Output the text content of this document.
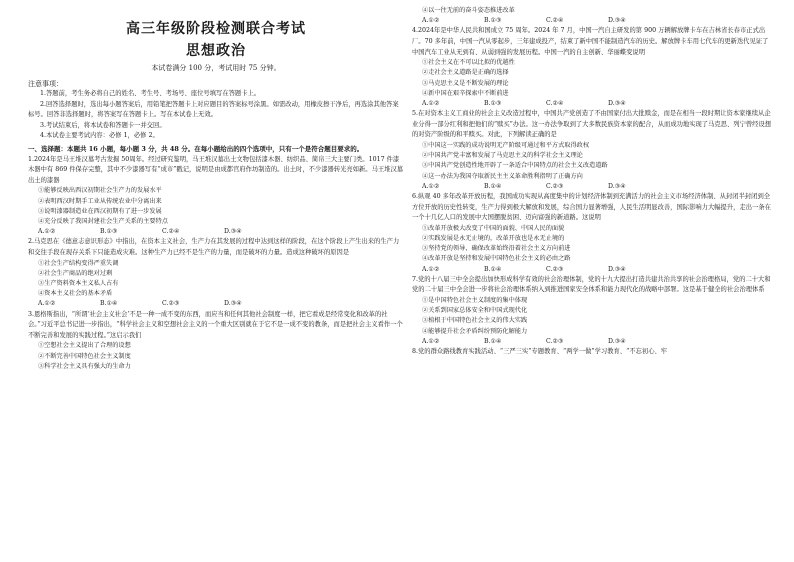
高三年级阶段检测联合考试

思想政治

本试卷满分 100 分，考试用时 75 分钟。

注意事项：

1.答题前，考生务必将自己的姓名、考生号、考场号、座位号填写在答题卡上。

2.回答选择题时，选出每小题答案后，用铅笔把答题卡上对应题目的答案标号涂黑。如需改动，用橡皮擦干净后，再选涂其他答案标号。回答非选择题时，将答案写在答题卡上。写在本试卷上无效。

3.考试结束后，将本试卷和答题卡一并交回。

4.本试卷主要考试内容：必修 1，必修 2。

一、选择题：本题共 16 小题，每小题 3 分，共 48 分。在每小题给出的四个选项中，只有一个是符合题目要求的。

1.2024年是马王堆汉墓考古发掘 50周年。经过研究鉴明，马王堆汉墓出土文物包括漆木器、纺织品、简帛三大主要门类。1017 件漆木器中有 869 件保存完整，其中不少漆器写有“成市”戳记，说明是由成都官府作坊制造的。出土时，不少漆器转光亮如新。马王堆汉墓出土的漆器

①能够反映出西汉初期社会生产力的发展水平

②表明西汉时期手工业从传统农业中分离出来

③说明漆器制造业在西汉初期有了进一步发展

④充分反映了我国封建社会生产关系的主要特点

A.①②	B.①③	C.②④	D.③④

2.马克思在《德意志意识形态》中指出，在资本主义社会，生产力在其发展的过程中达到这样的阶段，在这个阶段上产生出来的生产力和交往手段在现存关系下只能造成灾难。这种生产力已经不是生产的力量，而是破坏的力量。造成这种破坏的原因是

①社会生产结构变得严重失调

②社会生产商品的绝对过剩

③生产资料资本主义私人占有

④资本主义社会的基本矛盾

A.①②	B.①④	C.②③	D.③④

3.恩格斯指出，“所谓‘社会主义社会’不是一种一成不变的东西，而应当和任何其他社会制度一样，把它看成是经常变化和改革的社会。”习近平总书记进一步指出，“科学社会主义和空想社会主义的一个重大区别就在于它不是一成不变的教条，而是把社会主义看作一个不断完善和发展的实践过程。”这启示我们

①空想社会主义提出了合理的设想

②不断完善中国特色社会主义制度

③科学社会主义具有强大的生命力

④以一往无前的奋斗姿态推进改革

A.①②	B.①③	C.②④	D.③④

4.2024年是中华人民共和国成立 75 周年。2024 年 7 月，中国一汽自主研发的第 900 万辆解放牌卡车在吉林省长春市正式出厂。70 多年前，中国一汽从零起步，三年建成投产，结束了新中国不能制造汽车的历史。解放牌卡车用七代车的更新迭代见证了中国汽车工业从无到有、从弱到强的发展历程。中国一汽的自主创新、华丽蝶变说明

①社会主义在不可以比拟的优越性

②走社会主义道路是正确的选择

③马克思主义是不断发展的理论

④新中国在艰辛探索中不断前进

A.①②	B.①③	C.②④	D.③④

5.在对资本主义工商业的社会主义改造过程中，中国共产党创造了不由国家付出大批赎金，而是在相当一段时期让资本家继续从企业分得一部分红利和把他们的“赎买”办法。这一办法争取到了大多数民族资本家的配合，从而成功地实现了马克思、列宁曾经设想的对资产阶级的和平赎买。对此，下列解读正确的是

①中国这一实践的成功说明无产阶级可通过和平方式取得政权

②中国共产党丰富和发展了马克思主义的科学社会主义理论

③中国共产党创造性地开辟了一条适合中国特点的社会主义改造道路

④这一办法为我国夺取新民主主义革命胜利指明了正确方向

A.①②	B.①④	C.②③	D.③④

6.纵观 40 多年改革开放历程，我国成功实现从高度集中的计划经济体制到充满活力的社会主义市场经济体制、从封闭半封闭到全方位开放的历史性转变，生产力得到极大解放和发展，综合国力显著增强，人民生活明显改善，国际影响力大幅提升，走出一条在一个十几亿人口的发展中大国摆脱贫困、迈向富强的新道路。这说明

①改革开放极大改变了中国的面貌、中国人民的面貌

②实践发展是永无止境的，改革开放也是永无止境的

③坚持党的领导，确保改革始终沿着社会主义方向前进

④改革开放是坚持和发展中国特色社会主义的必由之路

A.①②	B.①④	C.②③	D.③④

7.党的十八届三中全会提出加快形成科学有效的社会治理体制，党的十九大提出打造共建共治共享的社会治理格局，党的二十大和党的二十届三中全会进一步将社会治理体系纳入到推进国家安全体系和能力现代化的战略中部署。这是基于健全的社会治理体系

①是中国特色社会主义制度的集中体现

②关系到国家总体安全和中国式现代化

③植根于中国特色社会主义的伟大实践

④能够提升社会矛盾纠纷预防化解能力

A.①②	B.①④	C.②③	D.③④

8.党的群众路线教育实践活动、“三严三实”专题教育、“两学一做”学习教育、“不忘初心、牢
